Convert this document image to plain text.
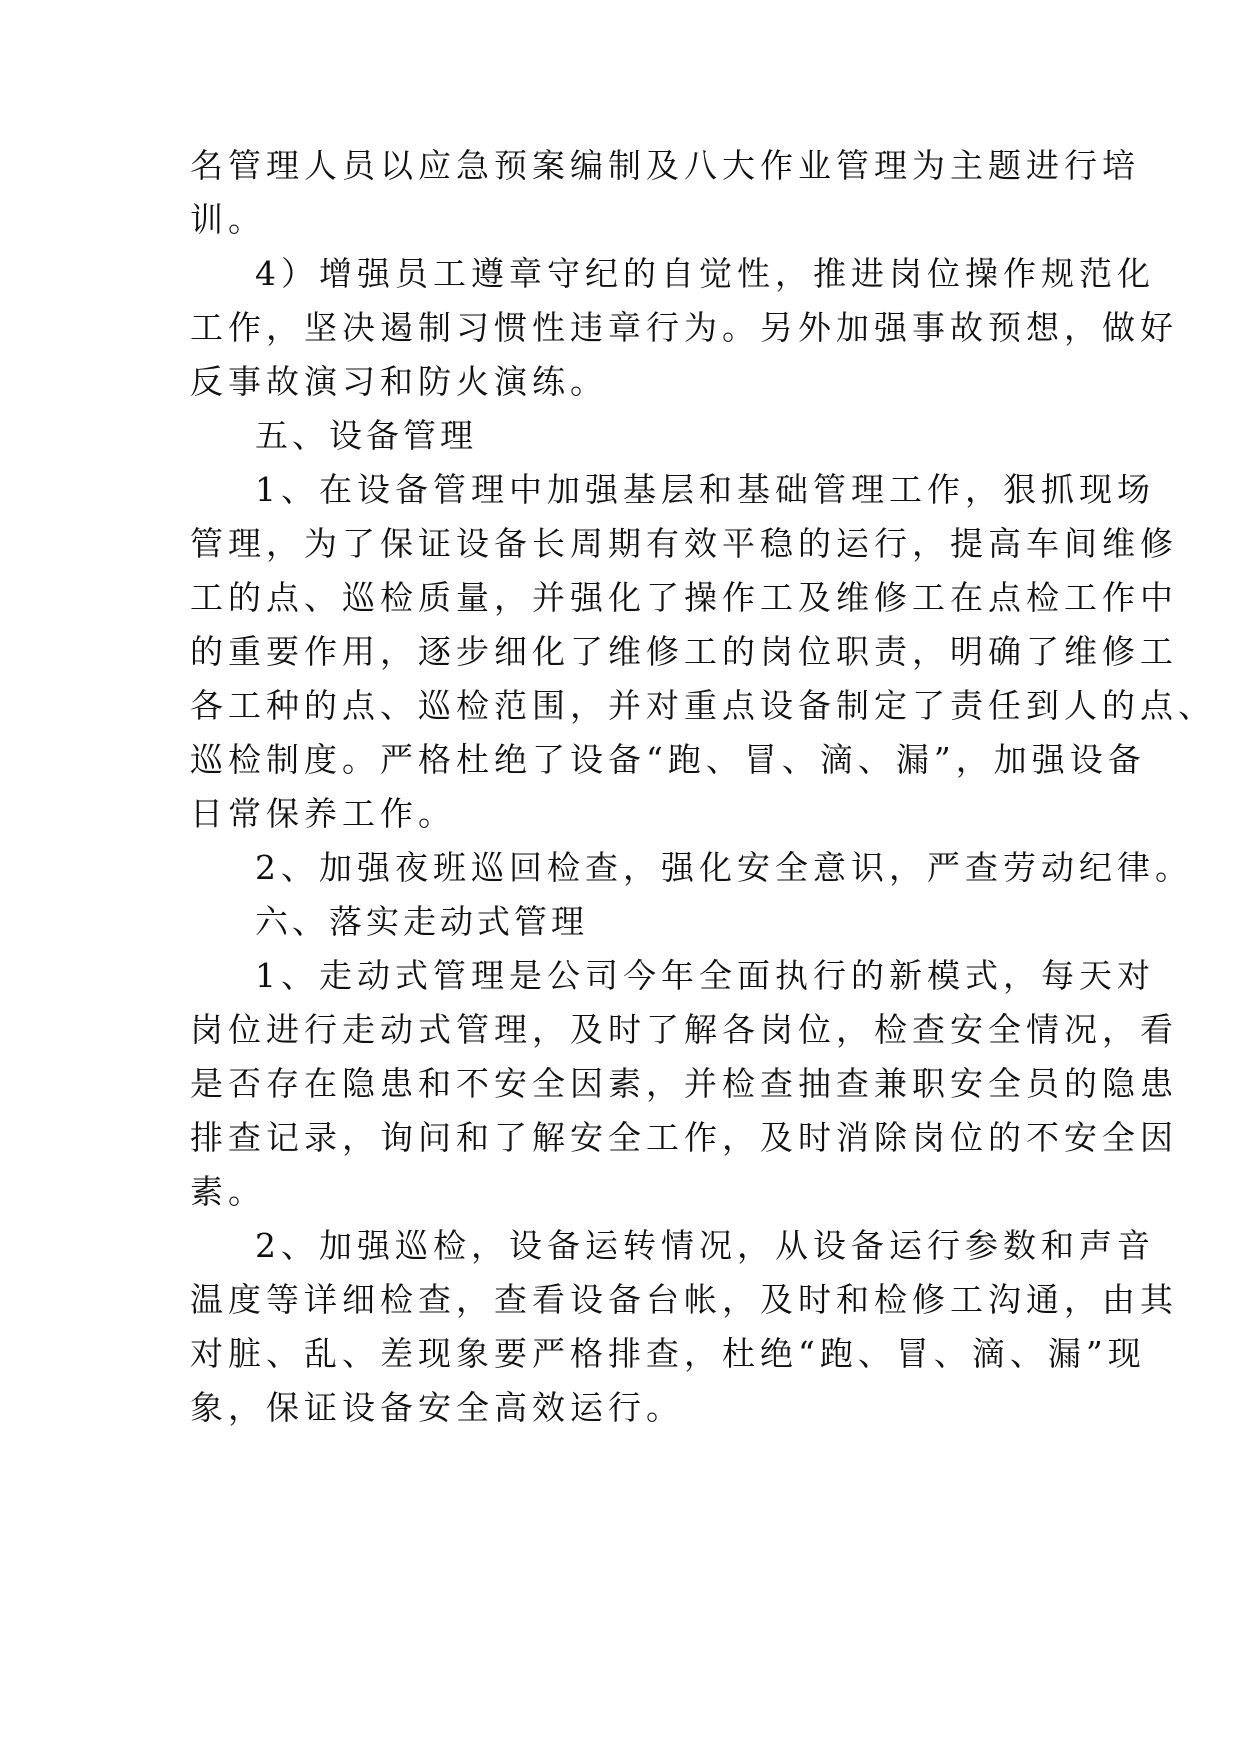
名管理人员以应急预案编制及八大作业管理为主题进行培

训。

4）增强员工遵章守纪的自觉性，推进岗位操作规范化

工作，坚决遏制习惯性违章行为。另外加强事故预想，做好

反事故演习和防火演练。

五、设备管理

1、在设备管理中加强基层和基础管理工作，狠抓现场

管理，为了保证设备长周期有效平稳的运行，提高车间维修

工的点、巡检质量，并强化了操作工及维修工在点检工作中

的重要作用，逐步细化了维修工的岗位职责，明确了维修工

各工种的点、巡检范围，并对重点设备制定了责任到人的点、

巡检制度。严格杜绝了设备“跑、冒、滴、漏”，加强设备

日常保养工作。

2、加强夜班巡回检查，强化安全意识，严查劳动纪律。

六、落实走动式管理

1、走动式管理是公司今年全面执行的新模式，每天对

岗位进行走动式管理，及时了解各岗位，检查安全情况，看

是否存在隐患和不安全因素，并检查抽查兼职安全员的隐患

排查记录，询问和了解安全工作，及时消除岗位的不安全因

素。

2、加强巡检，设备运转情况，从设备运行参数和声音

温度等详细检查，查看设备台帐，及时和检修工沟通，由其

对脏、乱、差现象要严格排查，杜绝“跑、冒、滴、漏”现

象，保证设备安全高效运行。
